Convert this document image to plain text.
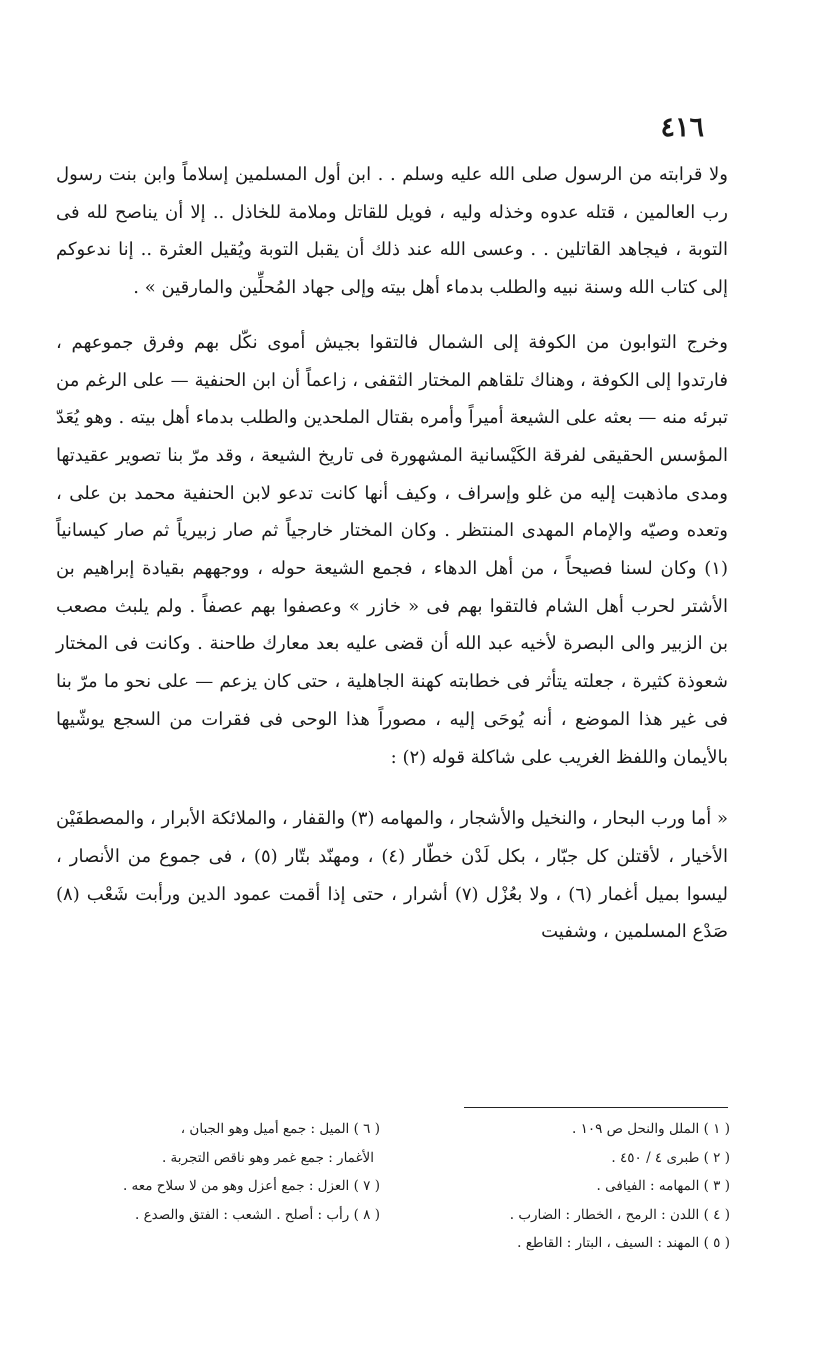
٤١٦

ولا قرابته من الرسول صلى الله عليه وسلم . . ابن أول المسلمين إسلاماً وابن بنت رسول رب العالمين ، قتله عدوه وخذله وليه ، فويل للقاتل وملامة للخاذل .. إلا أن يناصح لله فى التوبة ، فيجاهد القاتلين . . وعسى الله عند ذلك أن يقبل التوبة ويُقيل العثرة .. إنا ندعوكم إلى كتاب الله وسنة نبيه والطلب بدماء أهل بيته وإلى جهاد المُحلِّين والمارقين » .

وخرج التوابون من الكوفة إلى الشمال فالتقوا بجيش أموى نكّل بهم وفرق جموعهم ، فارتدوا إلى الكوفة ، وهناك تلقاهم المختار الثقفى ، زاعماً أن ابن الحنفية — على الرغم من تبرئه منه — بعثه على الشيعة أميراً وأمره بقتال الملحدين والطلب بدماء أهل بيته . وهو يُعَدّ المؤسس الحقيقى لفرقة الكَيْسانية المشهورة فى تاريخ الشيعة ، وقد مرّ بنا تصوير عقيدتها ومدى ماذهبت إليه من غلو وإسراف ، وكيف أنها كانت تدعو لابن الحنفية محمد بن على ، وتعده وصيّه والإمام المهدى المنتظر . وكان المختار خارجياً ثم صار زبيرياً ثم صار كيسانياً (١) وكان لسنا فصيحاً ، من أهل الدهاء ، فجمع الشيعة حوله ، ووجههم بقيادة إبراهيم بن الأشتر لحرب أهل الشام فالتقوا بهم فى « خازر » وعصفوا بهم عصفاً . ولم يلبث مصعب بن الزبير والى البصرة لأخيه عبد الله أن قضى عليه بعد معارك طاحنة . وكانت فى المختار شعوذة كثيرة ، جعلته يتأثر فى خطابته كهنة الجاهلية ، حتى كان يزعم — على نحو ما مرّ بنا فى غير هذا الموضع ، أنه يُوحَى إليه ، مصوراً هذا الوحى فى فقرات من السجع يوشّيها بالأيمان واللفظ الغريب على شاكلة قوله (٢) :

« أما ورب البحار ، والنخيل والأشجار ، والمهامه (٣) والقفار ، والملائكة الأبرار ، والمصطفَيْن الأخيار ، لأقتلن كل جبّار ، بكل لَدْن خطّار (٤) ، ومهنّد بتّار (٥) ، فى جموع من الأنصار ، ليسوا بميل أغمار (٦) ، ولا بعُزْل (٧) أشرار ، حتى إذا أقمت عمود الدين ورأبت شَعْب (٨) صَدْع المسلمين ، وشفيت

( ١ ) الملل والنحل ص ١٠٩ .
( ٢ ) طبرى ٤ / ٤٥٠ .
( ٣ ) المهامه : الفيافى .
( ٤ ) اللدن : الرمح ، الخطار : الضارب .
( ٥ ) المهند : السيف ، البتار : القاطع .
( ٦ ) الميل : جمع أميل وهو الجبان ،
الأغمار : جمع غمر وهو ناقص التجربة .
( ٧ ) العزل : جمع أعزل وهو من لا سلاح معه .
( ٨ ) رأب : أصلح . الشعب : الفتق والصدع .
